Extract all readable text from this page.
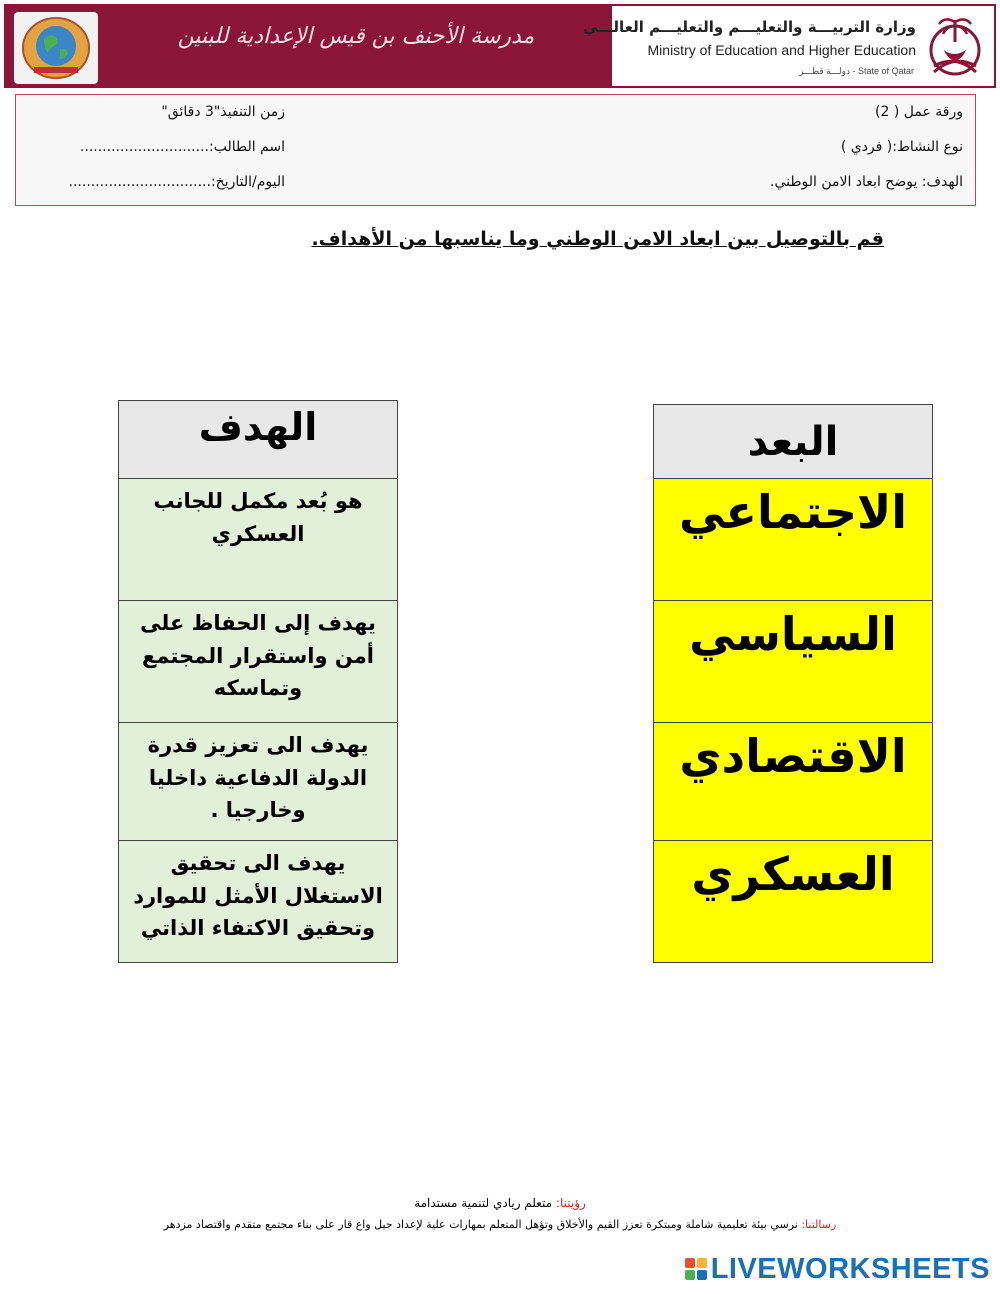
مدرسة الأحنف بن قيس الإعدادية للبنين	وزارة التربيـــة والتعليـــم والتعليـــم العالـــي
Ministry of Education and Higher Education
State of Qatar - دولـــة قطـــر
ورقة عمل ( 2)
زمن التنفيذ"3 دقائق"
نوع النشاط:( فردي )
اسم الطالب:.............................
الهدف: يوضح ابعاد الامن الوطني.
اليوم/التاريخ:................................
قم بالتوصيل بين ابعاد الامن الوطني وما يناسبها من الأهداف.
الهدف
هو بُعد مكمل للجانب العسكري
يهدف إلى الحفاظ على أمن واستقرار المجتمع وتماسكه
يهدف الى تعزيز قدرة الدولة الدفاعية داخليا وخارجيا .
يهدف الى تحقيق الاستغلال الأمثل للموارد وتحقيق الاكتفاء الذاتي
البعد
الاجتماعي
السياسي
الاقتصادي
العسكري
رؤيتنا: متعلم ريادي لتنمية مستدامة
رسالتنا: نرسي بيئة تعليمية شاملة ومبتكرة تعزز القيم والأخلاق وتؤهل المتعلم بمهارات علية لإعداد جيل واع قار على بناء مجتمع متقدم واقتصاد مزدهر
LIVEWORKSHEETS
